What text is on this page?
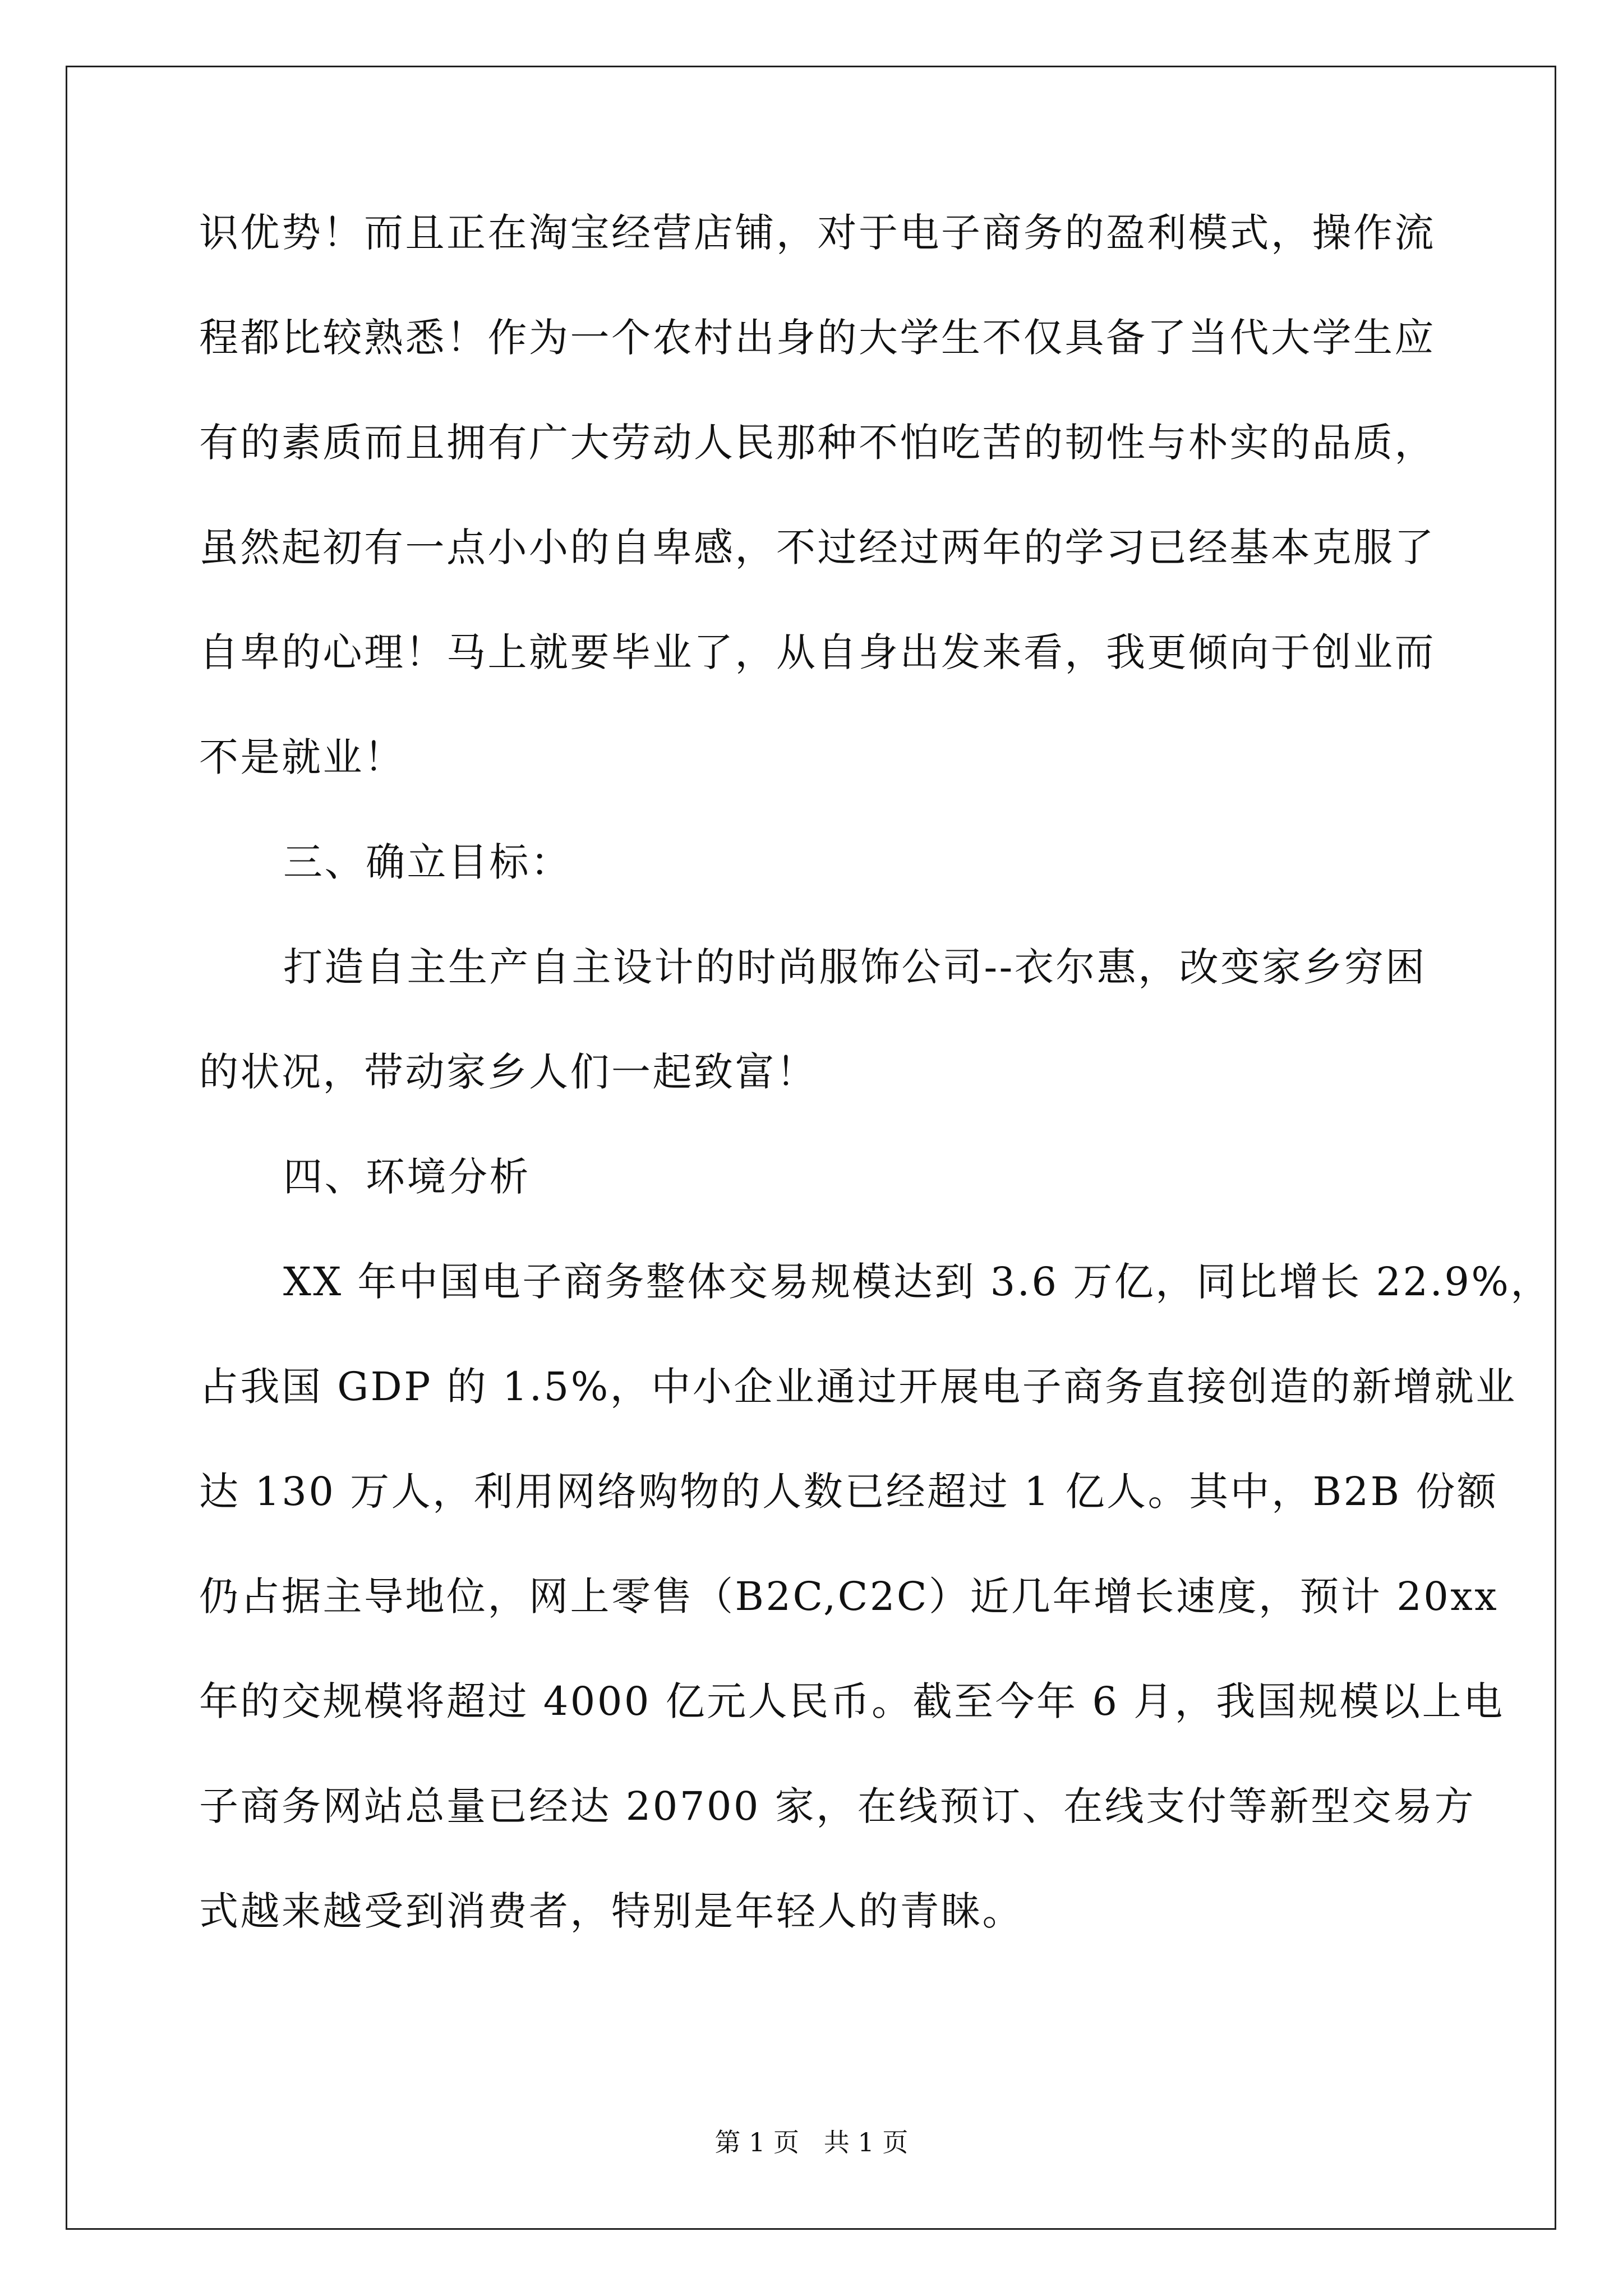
识优势！而且正在淘宝经营店铺，对于电子商务的盈利模式，操作流
程都比较熟悉！作为一个农村出身的大学生不仅具备了当代大学生应
有的素质而且拥有广大劳动人民那种不怕吃苦的韧性与朴实的品质，
虽然起初有一点小小的自卑感，不过经过两年的学习已经基本克服了
自卑的心理！马上就要毕业了，从自身出发来看，我更倾向于创业而
不是就业！
三、确立目标：
打造自主生产自主设计的时尚服饰公司--衣尔惠，改变家乡穷困
的状况，带动家乡人们一起致富！
四、环境分析
XX 年中国电子商务整体交易规模达到 3.6 万亿，同比增长 22.9%，
占我国 GDP 的 1.5%，中小企业通过开展电子商务直接创造的新增就业
达 130 万人，利用网络购物的人数已经超过 1 亿人。其中，B2B 份额
仍占据主导地位，网上零售（B2C,C2C）近几年增长速度，预计 20xx
年的交规模将超过 4000 亿元人民币。截至今年 6 月，我国规模以上电
子商务网站总量已经达 20700 家，在线预订、在线支付等新型交易方
式越来越受到消费者，特别是年轻人的青睐。
第 1 页   共 1 页
